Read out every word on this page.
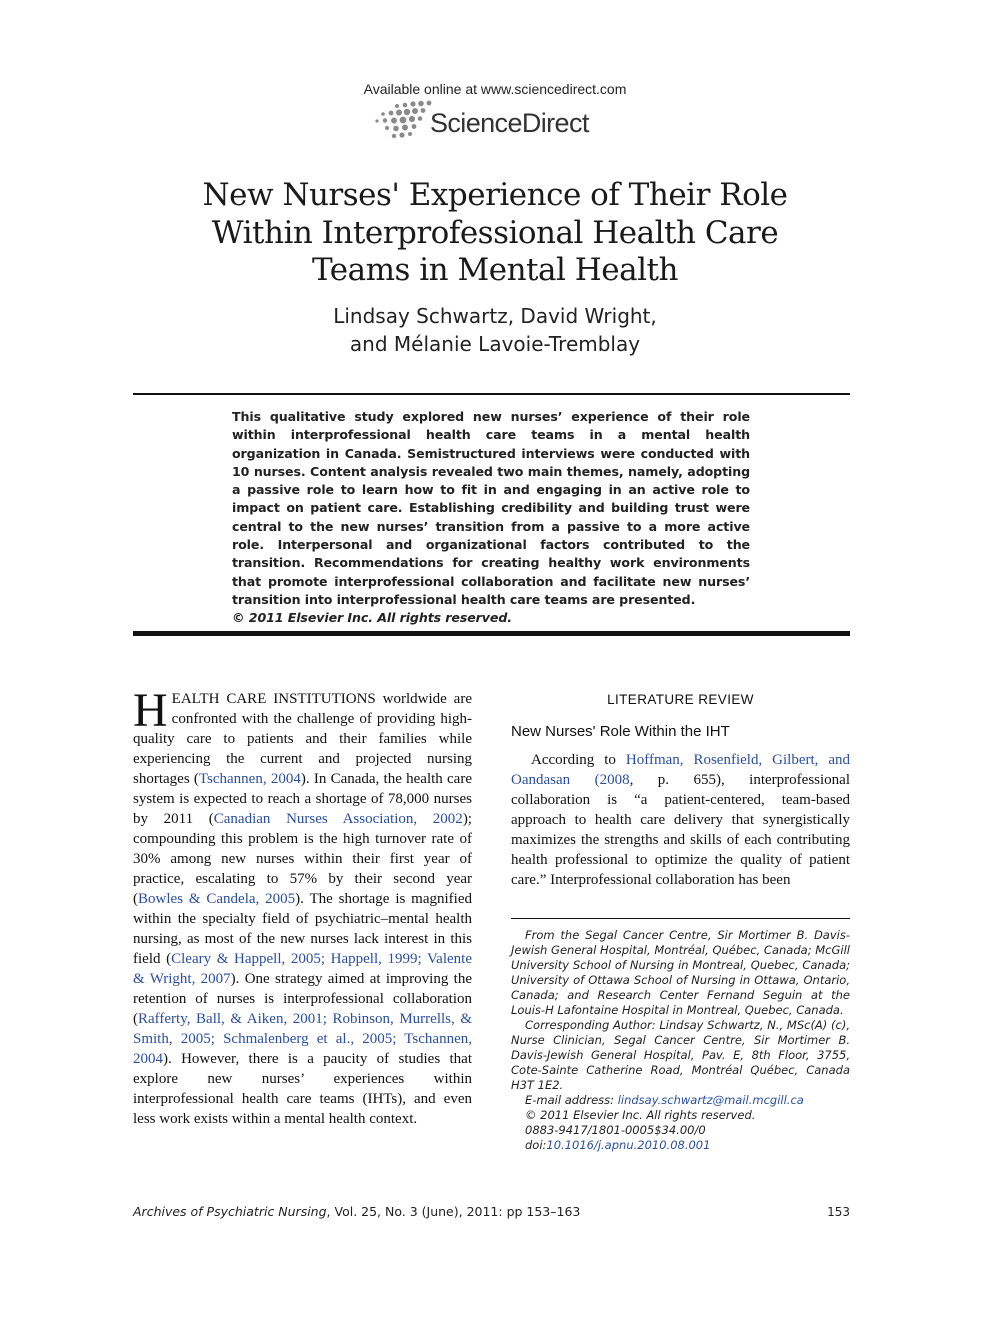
Available online at www.sciencedirect.com
ScienceDirect
New Nurses' Experience of Their Role
Within Interprofessional Health Care
Teams in Mental Health
Lindsay Schwartz, David Wright,
and Mélanie Lavoie-Tremblay
This qualitative study explored new nurses’ experience of their role within interprofessional health care teams in a mental health organization in Canada. Semistructured interviews were conducted with 10 nurses. Content analysis revealed two main themes, namely, adopting a passive role to learn how to fit in and engaging in an active role to impact on patient care. Establishing credibility and building trust were central to the new nurses’ transition from a passive to a more active role. Interpersonal and organizational factors contributed to the transition. Recommendations for creating healthy work environments that promote interprofessional collaboration and facilitate new nurses’ transition into interprofessional health care teams are presented.
© 2011 Elsevier Inc. All rights reserved.
H EALTH CARE INSTITUTIONS worldwide are confronted with the challenge of providing high-quality care to patients and their families while experiencing the current and projected nursing shortages (Tschannen, 2004). In Canada, the health care system is expected to reach a shortage of 78,000 nurses by 2011 (Canadian Nurses Association, 2002); compounding this problem is the high turnover rate of 30% among new nurses within their first year of practice, escalating to 57% by their second year (Bowles & Candela, 2005). The shortage is magnified within the specialty field of psychiatric–mental health nursing, as most of the new nurses lack interest in this field (Cleary & Happell, 2005; Happell, 1999; Valente & Wright, 2007). One strategy aimed at improving the retention of nurses is interprofessional collaboration (Rafferty, Ball, & Aiken, 2001; Robinson, Murrells, & Smith, 2005; Schmalenberg et al., 2005; Tschannen, 2004). However, there is a paucity of studies that explore new nurses’ experiences within interprofessional health care teams (IHTs), and even less work exists within a mental health context.
LITERATURE REVIEW
New Nurses' Role Within the IHT
According to Hoffman, Rosenfield, Gilbert, and Oandasan (2008, p. 655), interprofessional collaboration is “a patient-centered, team-based approach to health care delivery that synergistically maximizes the strengths and skills of each contributing health professional to optimize the quality of patient care.” Interprofessional collaboration has been

From the Segal Cancer Centre, Sir Mortimer B. Davis-Jewish General Hospital, Montréal, Québec, Canada; McGill University School of Nursing in Montreal, Quebec, Canada; University of Ottawa School of Nursing in Ottawa, Ontario, Canada; and Research Center Fernand Seguin at the Louis-H Lafontaine Hospital in Montreal, Quebec, Canada.

Corresponding Author: Lindsay Schwartz, N., MSc(A) (c), Nurse Clinician, Segal Cancer Centre, Sir Mortimer B. Davis-Jewish General Hospital, Pav. E, 8th Floor, 3755, Cote-Sainte Catherine Road, Montréal Québec, Canada H3T 1E2.

E-mail address: lindsay.schwartz@mail.mcgill.ca

© 2011 Elsevier Inc. All rights reserved.

0883-9417/1801-0005$34.00/0

doi:10.1016/j.apnu.2010.08.001

Archives of Psychiatric Nursing, Vol. 25, No. 3 (June), 2011: pp 153–163	153
